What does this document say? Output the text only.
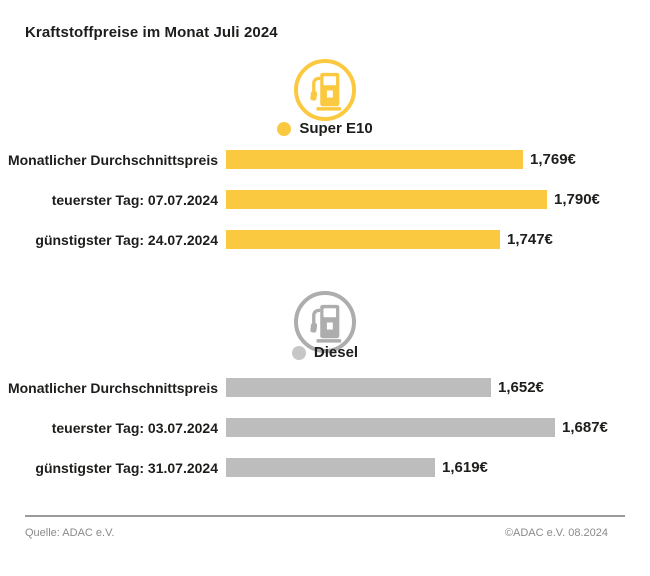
Kraftstoffpreise im Monat Juli 2024
Super E10
Monatlicher Durchschnittspreis	1,769€
teuerster Tag: 07.07.2024	1,790€
günstigster Tag: 24.07.2024	1,747€
Diesel
Monatlicher Durchschnittspreis	1,652€
teuerster Tag: 03.07.2024	1,687€
günstigster Tag: 31.07.2024	1,619€
Quelle: ADAC e.V.	©ADAC e.V. 08.2024
